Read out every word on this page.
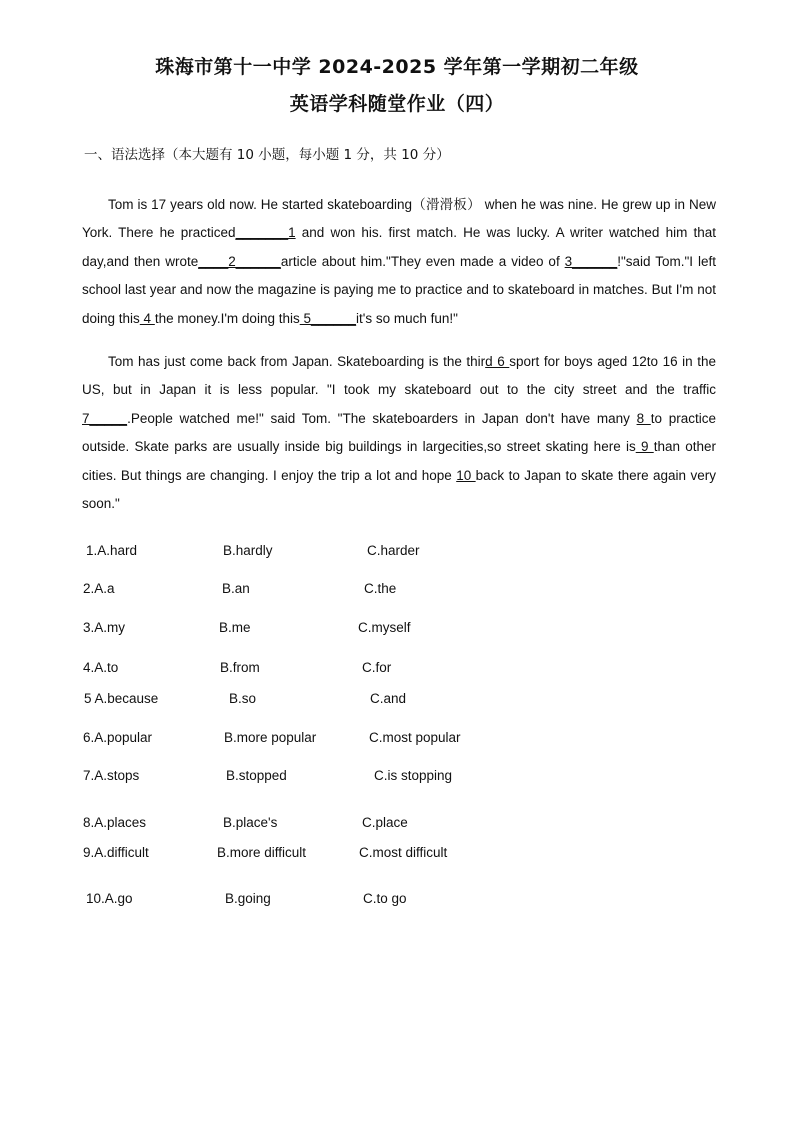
珠海市第十一中学 2024-2025 学年第一学期初二年级
英语学科随堂作业（四）
一、语法选择（本大题有 10 小题，每小题 1 分，共 10 分）
Tom is 17 years old now. He started skateboarding（滑滑板） when he was nine. He grew up in New York. There he practiced_______1 and won his. first match. He was lucky. A writer watched him that day,and then wrote____2______article about him."They even made a video of 3______!"said Tom."I left school last year and now the magazine is paying me to practice and to skateboard in matches. But I'm not doing this 4 the money.I'm doing this 5______it's so much fun!"
Tom has just come back from Japan. Skateboarding is the third 6 sport for boys aged 12to 16 in the US, but in Japan it is less popular. "I took my skateboard out to the city street and the traffic 7_____.People watched me!" said Tom. "The skateboarders in Japan don't have many 8 to practice outside. Skate parks are usually inside big buildings in largecities,so street skating here is 9 than other cities. But things are changing. I enjoy the trip a lot and hope 10 back to Japan to skate there again very soon."
1.A.hard	B.hardly	C.harder
2.A.a	B.an	C.the
3.A.my	B.me	C.myself
4.A.to	B.from	C.for
5 A.because	B.so	C.and
6.A.popular	B.more popular	C.most popular
7.A.stops	B.stopped	C.is stopping
8.A.places	B.place's	C.place
9.A.difficult	B.more difficult	C.most difficult
10.A.go	B.going	C.to go
